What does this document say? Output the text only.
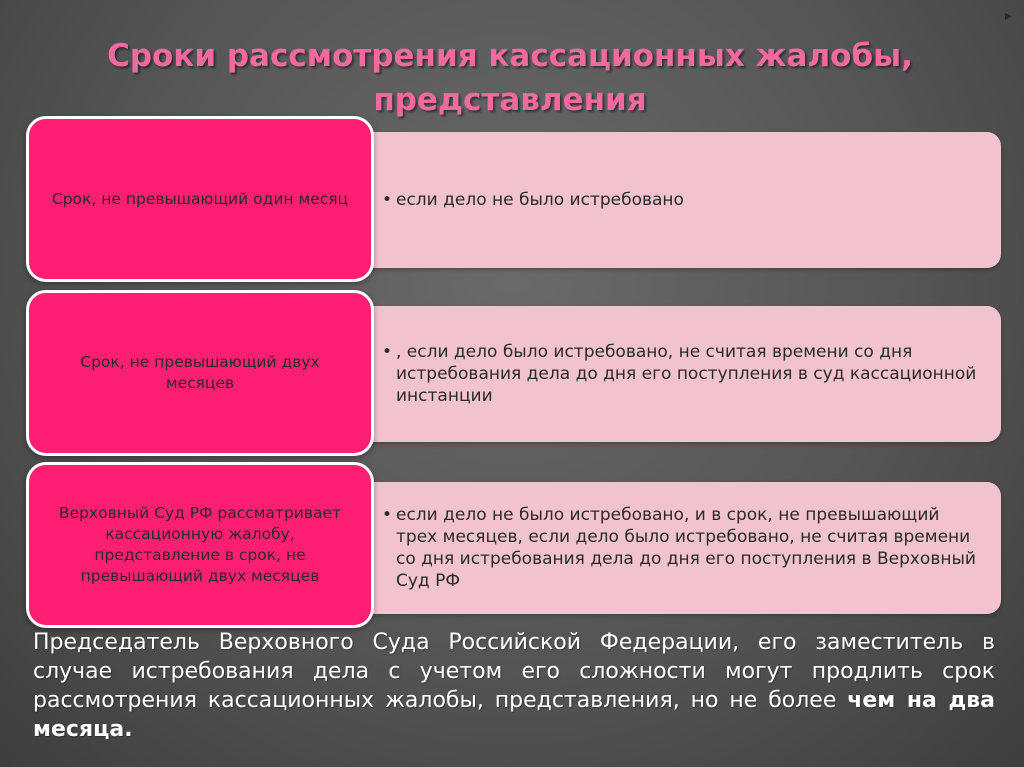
▸
Сроки рассмотрения кассационных жалобы, представления
• если дело не было истребовано
Срок, не превышающий один месяц
• , если дело было истребовано, не считая времени со дня истребования дела до дня его поступления в суд кассационной инстанции
Срок, не превышающий двух месяцев
• если дело не было истребовано, и в срок, не превышающий трех месяцев, если дело было истребовано, не считая времени со дня истребования дела до дня его поступления в Верховный Суд РФ
Верховный Суд РФ рассматривает кассационную жалобу, представление в срок, не превышающий двух месяцев
Председатель Верховного Суда Российской Федерации, его заместитель в случае истребования дела с учетом его сложности могут продлить срок рассмотрения кассационных жалобы, представления, но не более чем на два месяца.
